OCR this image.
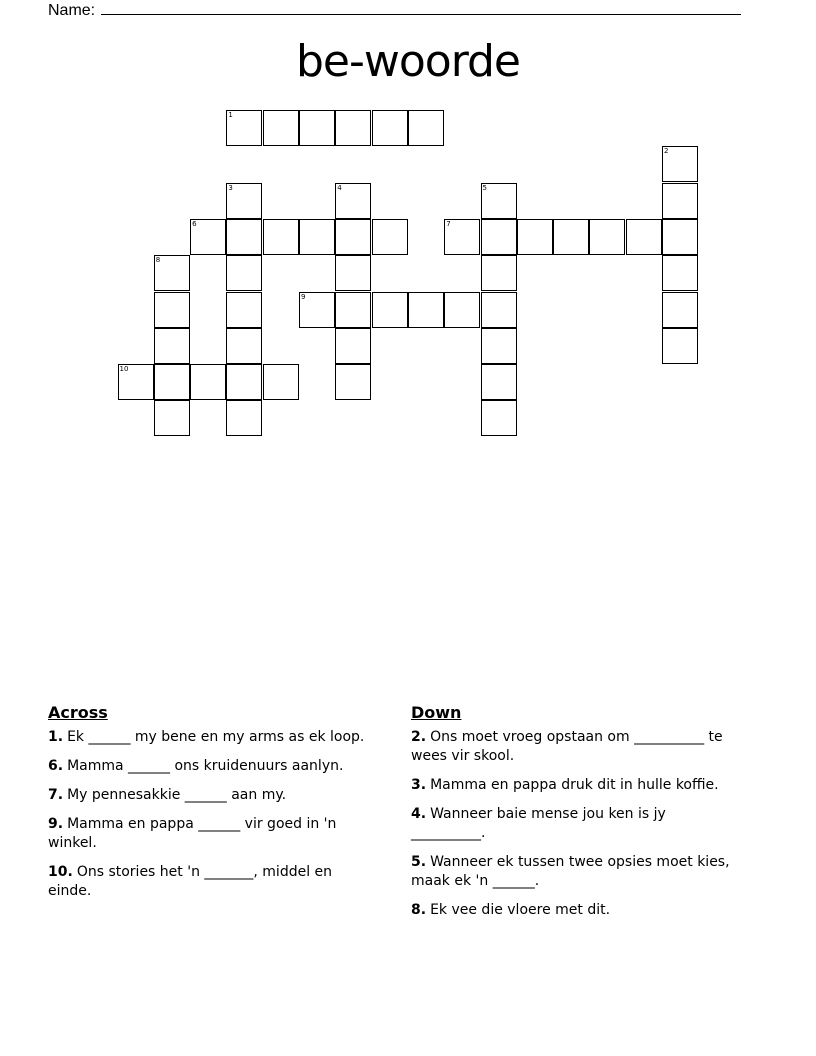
Name:
be-woorde
1
2
3	4	5
6	7
8
9
10
Across
1. Ek ______ my bene en my arms as ek loop.
6. Mamma ______ ons kruidenuurs aanlyn.
7. My pennesakkie ______ aan my.
9. Mamma en pappa ______ vir goed in 'n winkel.
10. Ons stories het 'n _______, middel en einde.
Down
2. Ons moet vroeg opstaan om __________ te wees vir skool.
3. Mamma en pappa druk dit in hulle koffie.
4. Wanneer baie mense jou ken is jy __________.
5. Wanneer ek tussen twee opsies moet kies, maak ek 'n ______.
8. Ek vee die vloere met dit.
